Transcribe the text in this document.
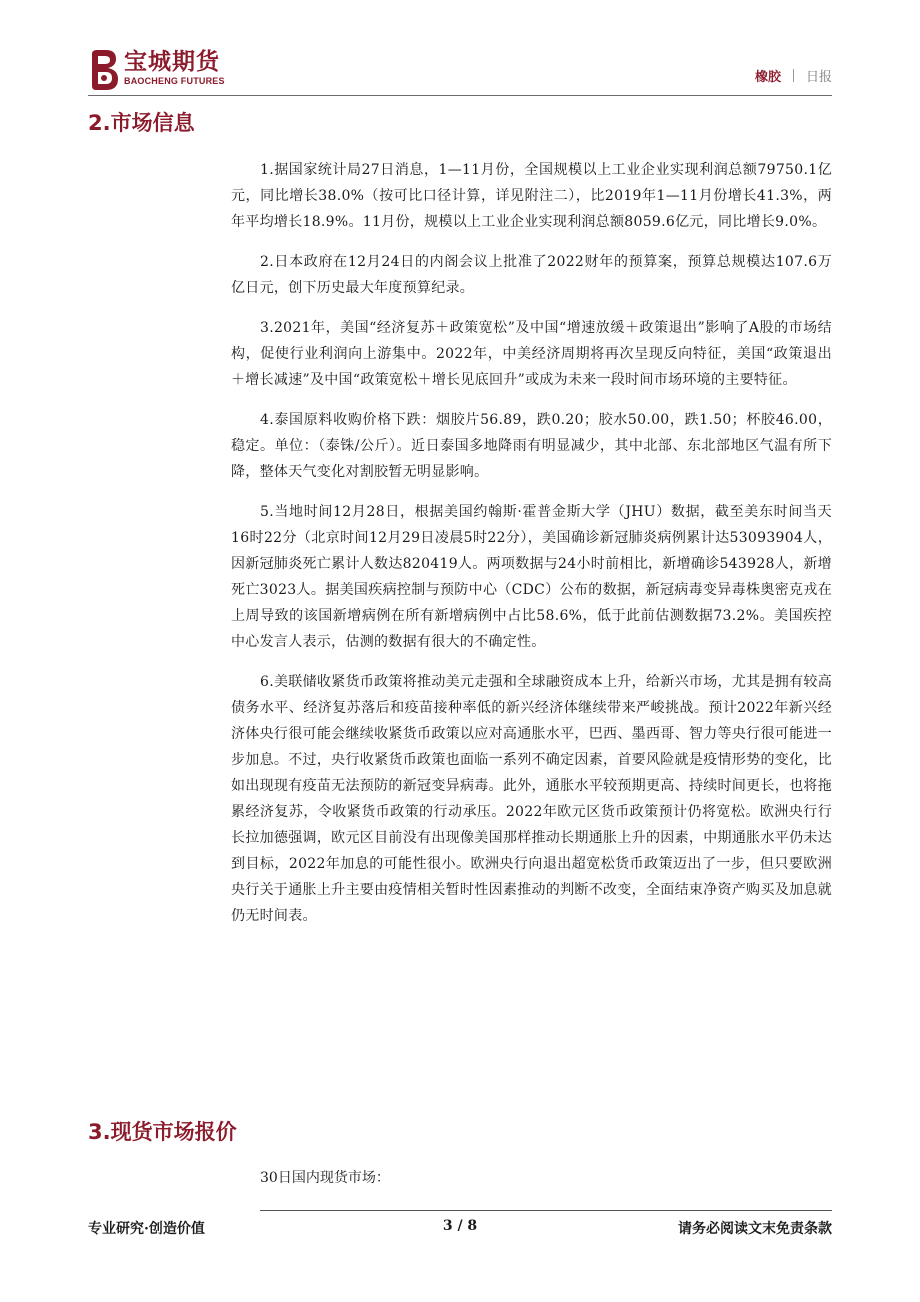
宝城期货
BAOCHENG FUTURES	橡胶 日报
2.市场信息

1.据国家统计局27日消息，1—11月份，全国规模以上工业企业实现利润总额79750.1亿元，同比增长38.0%（按可比口径计算，详见附注二），比2019年1—11月份增长41.3%，两年平均增长18.9%。11月份，规模以上工业企业实现利润总额8059.6亿元，同比增长9.0%。

2.日本政府在12月24日的内阁会议上批准了2022财年的预算案，预算总规模达107.6万亿日元，创下历史最大年度预算纪录。

3.2021年，美国“经济复苏＋政策宽松”及中国“增速放缓＋政策退出”影响了A股的市场结构，促使行业利润向上游集中。2022年，中美经济周期将再次呈现反向特征，美国“政策退出＋增长减速”及中国“政策宽松＋增长见底回升”或成为未来一段时间市场环境的主要特征。

4.泰国原料收购价格下跌：烟胶片56.89，跌0.20；胶水50.00，跌1.50；杯胶46.00，稳定。单位：（泰铢/公斤）。近日泰国多地降雨有明显减少，其中北部、东北部地区气温有所下降，整体天气变化对割胶暂无明显影响。

5.当地时间12月28日，根据美国约翰斯·霍普金斯大学（JHU）数据，截至美东时间当天16时22分（北京时间12月29日凌晨5时22分），美国确诊新冠肺炎病例累计达53093904人，因新冠肺炎死亡累计人数达820419人。两项数据与24小时前相比，新增确诊543928人，新增死亡3023人。据美国疾病控制与预防中心（CDC）公布的数据，新冠病毒变异毒株奥密克戎在上周导致的该国新增病例在所有新增病例中占比58.6%，低于此前估测数据73.2%。美国疾控中心发言人表示，估测的数据有很大的不确定性。

6.美联储收紧货币政策将推动美元走强和全球融资成本上升，给新兴市场，尤其是拥有较高债务水平、经济复苏落后和疫苗接种率低的新兴经济体继续带来严峻挑战。预计2022年新兴经济体央行很可能会继续收紧货币政策以应对高通胀水平，巴西、墨西哥、智力等央行很可能进一步加息。不过，央行收紧货币政策也面临一系列不确定因素，首要风险就是疫情形势的变化，比如出现现有疫苗无法预防的新冠变异病毒。此外，通胀水平较预期更高、持续时间更长，也将拖累经济复苏，令收紧货币政策的行动承压。2022年欧元区货币政策预计仍将宽松。欧洲央行行长拉加德强调，欧元区目前没有出现像美国那样推动长期通胀上升的因素，中期通胀水平仍未达到目标，2022年加息的可能性很小。欧洲央行向退出超宽松货币政策迈出了一步，但只要欧洲央行关于通胀上升主要由疫情相关暂时性因素推动的判断不改变，全面结束净资产购买及加息就仍无时间表。

3.现货市场报价

30日国内现货市场：

专业研究·创造价值	3 / 8	请务必阅读文末免责条款
